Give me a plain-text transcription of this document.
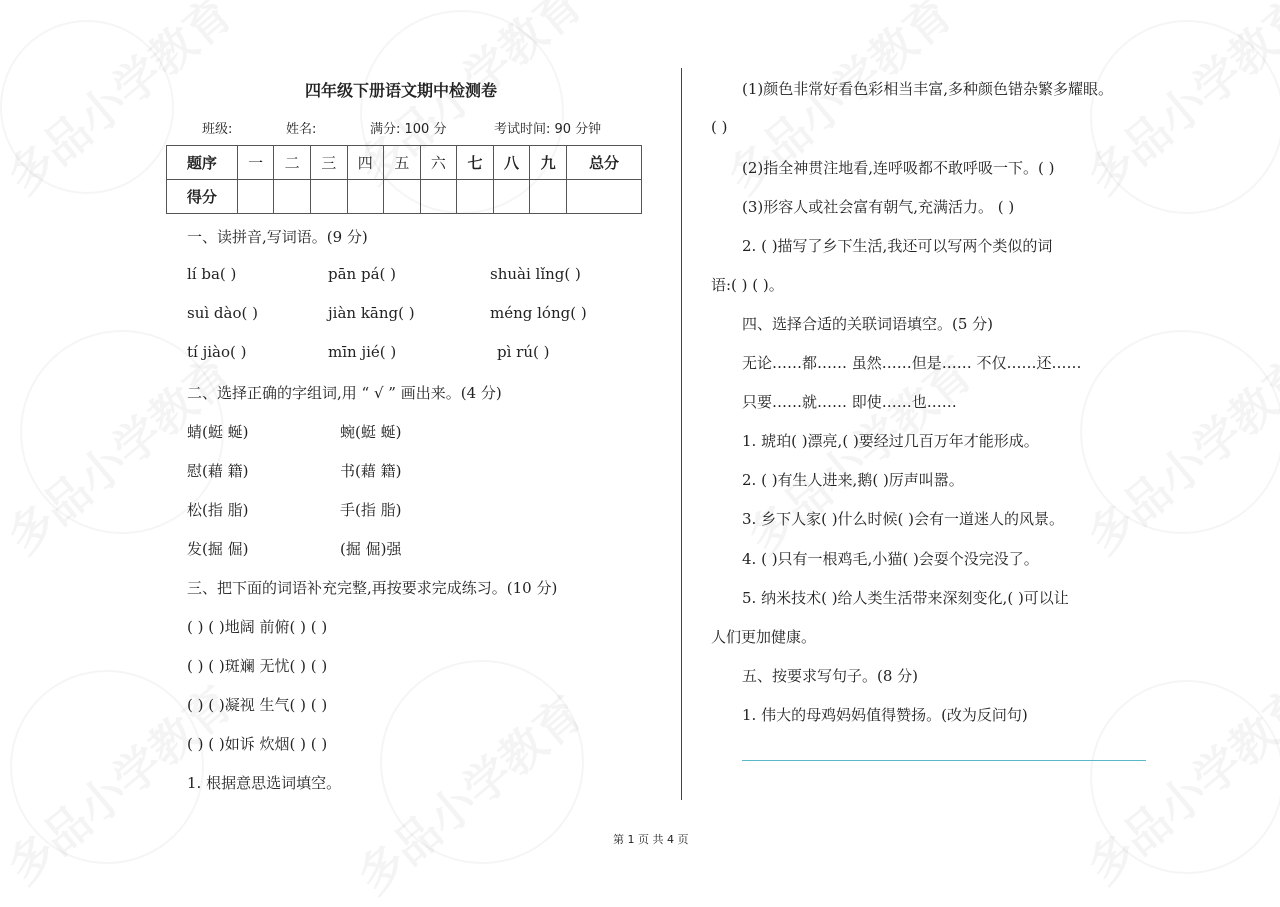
四年级下册语文期中检测卷
班级:	姓名:	满分: 100 分	考试时间: 90 分钟
题序	一	二	三	四	五	六	七	八	九	总分
得分										
一、读拼音,写词语。(9 分)
lí ba( )	pān pá( )	shuài lǐng( )
suì dào( )	jiàn kāng( )	méng lóng( )
tí jiào( )	mīn jié( )	pì rú( )
二、选择正确的字组词,用 “ √ ” 画出来。(4 分)
蜻(蜓 蜒)	蜿(蜓 蜒)
慰(藉 籍)	书(藉 籍)
松(指 脂)	手(指 脂)
发(掘 倔)	(掘 倔)强
三、把下面的词语补充完整,再按要求完成练习。(10 分)
( ) ( )地阔 前俯( ) ( )
( ) ( )斑斓 无忧( ) ( )
( ) ( )凝视 生气( ) ( )
( ) ( )如诉 炊烟( ) ( )
1. 根据意思选词填空。
(1)颜色非常好看色彩相当丰富,多种颜色错杂繁多耀眼。
( )
(2)指全神贯注地看,连呼吸都不敢呼吸一下。( )
(3)形容人或社会富有朝气,充满活力。 ( )
2. ( )描写了乡下生活,我还可以写两个类似的词
语:( ) ( )。
四、选择合适的关联词语填空。(5 分)
无论……都…… 虽然……但是…… 不仅……还……
只要……就…… 即使……也……
1. 琥珀( )漂亮,( )要经过几百万年才能形成。
2. ( )有生人进来,鹅( )厉声叫嚣。
3. 乡下人家( )什么时候( )会有一道迷人的风景。
4. ( )只有一根鸡毛,小猫( )会耍个没完没了。
5. 纳米技术( )给人类生活带来深刻变化,( )可以让
人们更加健康。
五、按要求写句子。(8 分)
1. 伟大的母鸡妈妈值得赞扬。(改为反问句)
第 1 页 共 4 页
